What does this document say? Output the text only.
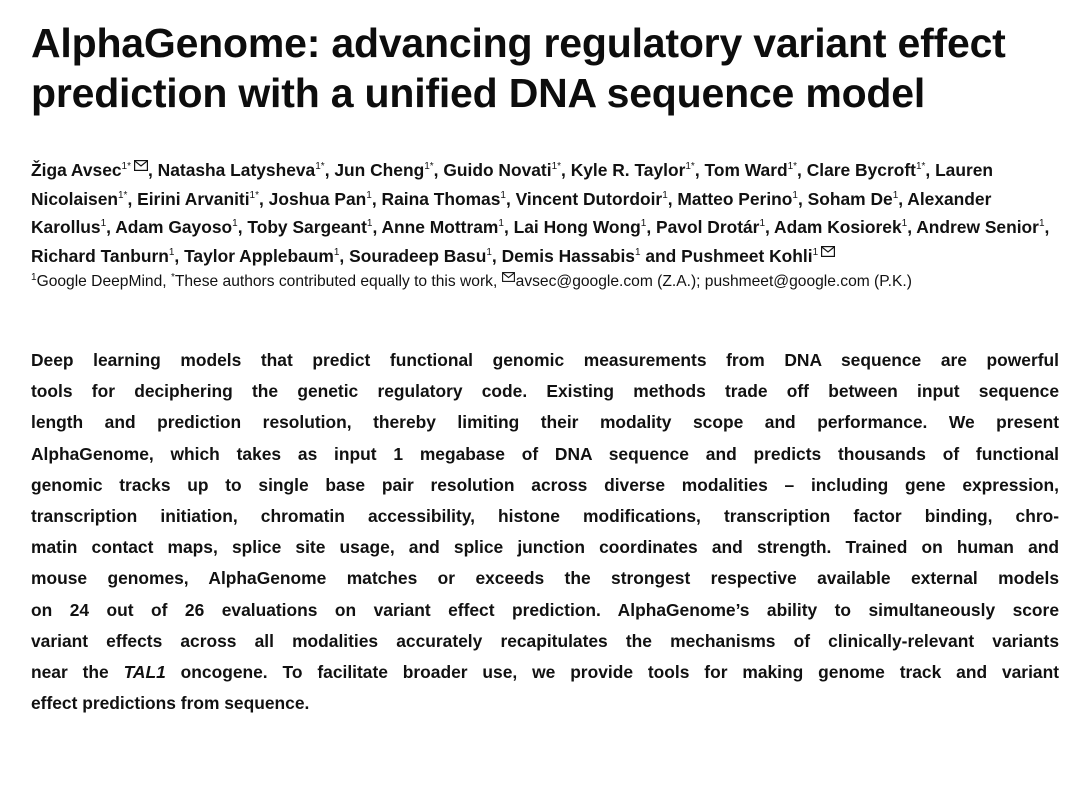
AlphaGenome: advancing regulatory variant effect prediction with a unified DNA sequence model
Žiga Avsec$^{1*}$ , Natasha Latysheva$^{1*}$, Jun Cheng$^{1*}$, Guido Novati$^{1*}$, Kyle R. Taylor$^{1*}$, Tom Ward$^{1*}$, Clare Bycroft$^{1*}$, Lauren Nicolaisen$^{1*}$, Eirini Arvaniti$^{1*}$, Joshua Pan$^1$, Raina Thomas$^1$, Vincent Dutordoir$^1$, Matteo Perino$^1$, Soham De$^1$, Alexander Karollus$^1$, Adam Gayoso$^1$, Toby Sargeant$^1$, Anne Mottram$^1$, Lai Hong Wong$^1$, Pavol Drotár$^1$, Adam Kosiorek$^1$, Andrew Senior$^1$, Richard Tanburn$^1$, Taylor Applebaum$^1$, Souradeep Basu$^1$, Demis Hassabis$^1$ and Pushmeet Kohli$^1$
$^1$Google DeepMind, *These authors contributed equally to this work, avsec@google.com (Z.A.); pushmeet@google.com (P.K.)
Deep learning models that predict functional genomic measurements from DNA sequence are powerful
tools for deciphering the genetic regulatory code. Existing methods trade off between input sequence
length and prediction resolution, thereby limiting their modality scope and performance. We present
AlphaGenome, which takes as input 1 megabase of DNA sequence and predicts thousands of functional
genomic tracks up to single base pair resolution across diverse modalities – including gene expression,
transcription initiation, chromatin accessibility, histone modifications, transcription factor binding, chro-
matin contact maps, splice site usage, and splice junction coordinates and strength. Trained on human and
mouse genomes, AlphaGenome matches or exceeds the strongest respective available external models
on 24 out of 26 evaluations on variant effect prediction. AlphaGenome’s ability to simultaneously score
variant effects across all modalities accurately recapitulates the mechanisms of clinically-relevant variants
near the TAL1 oncogene. To facilitate broader use, we provide tools for making genome track and variant
effect predictions from sequence.
